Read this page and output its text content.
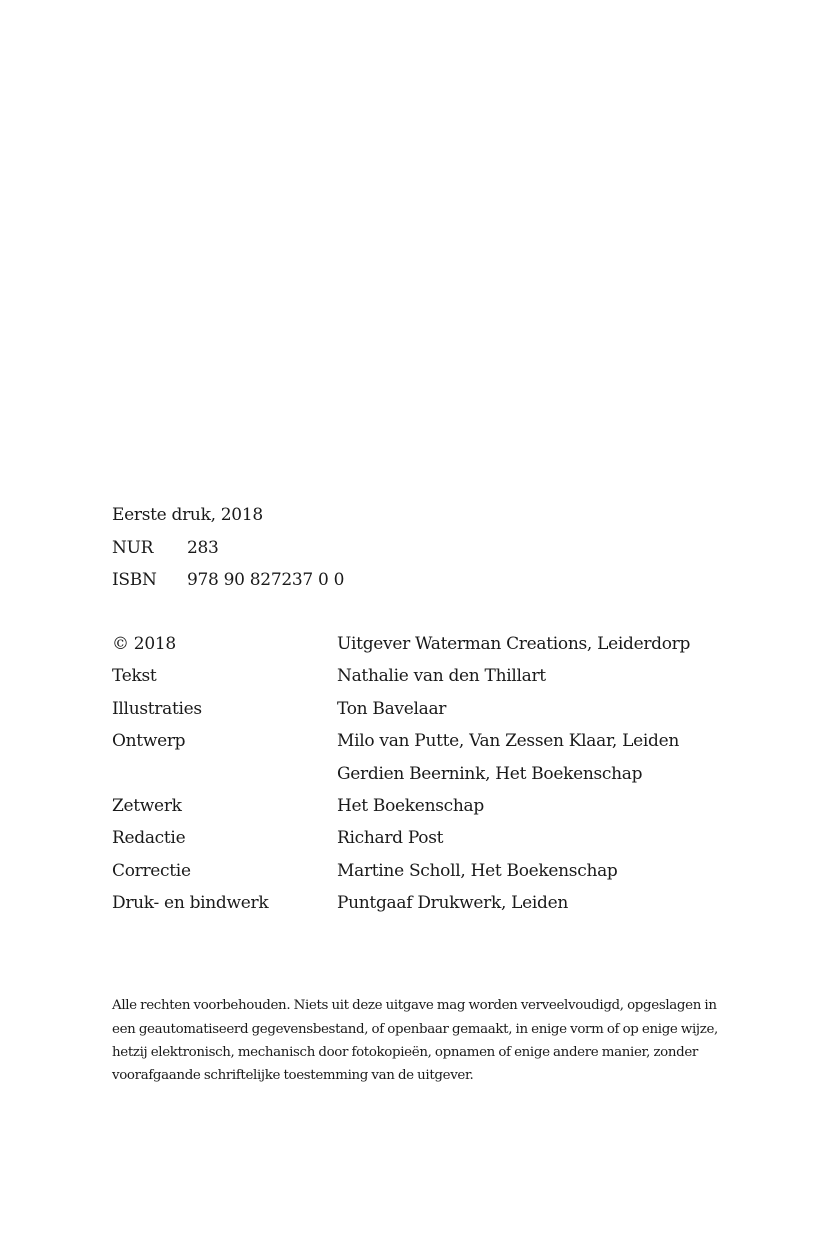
Eerste druk, 2018
NUR 283
ISBN 978 90 827237 0 0
© 2018	Uitgever Waterman Creations, Leiderdorp
Tekst	Nathalie van den Thillart
Illustraties	Ton Bavelaar
Ontwerp	Milo van Putte, Van Zessen Klaar, Leiden
Gerdien Beernink, Het Boekenschap
Zetwerk	Het Boekenschap
Redactie	Richard Post
Correctie	Martine Scholl, Het Boekenschap
Druk- en bindwerk	Puntgaaf Drukwerk, Leiden

Alle rechten voorbehouden. Niets uit deze uitgave mag worden verveelvoudigd, opgeslagen in een geautomatiseerd gegevensbestand, of openbaar gemaakt, in enige vorm of op enige wijze, hetzij elektronisch, mechanisch door fotokopieën, opnamen of enige andere manier, zonder voorafgaande schriftelijke toestemming van de uitgever.
